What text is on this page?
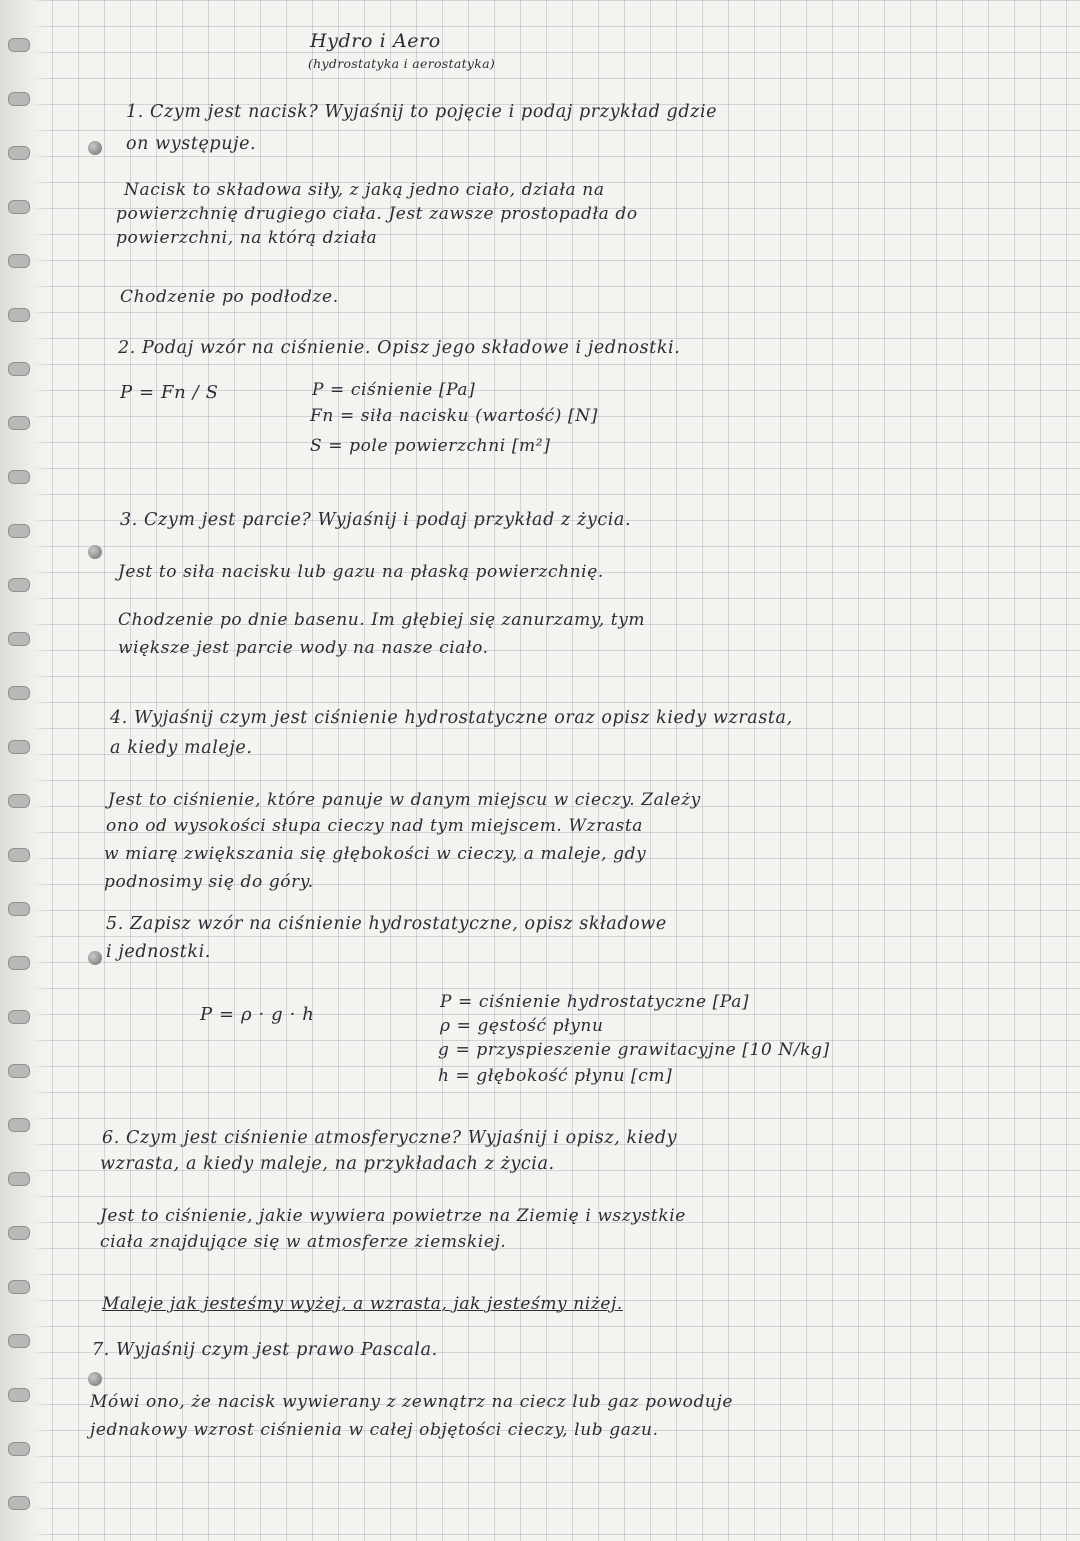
Hydro i Aero

(hydrostatyka i aerostatyka)

1. Czym jest nacisk? Wyjaśnij to pojęcie i podaj przykład gdzie

on występuje.

Nacisk to składowa siły, z jaką jedno ciało, działa na

powierzchnię drugiego ciała. Jest zawsze prostopadła do

powierzchni, na którą działa

Chodzenie po podłodze.

2. Podaj wzór na ciśnienie. Opisz jego składowe i jednostki.

P = Fn / S	P = ciśnienie [Pa]

Fn = siła nacisku (wartość) [N]

S = pole powierzchni [m²]

3. Czym jest parcie? Wyjaśnij i podaj przykład z życia.

Jest to siła nacisku lub gazu na płaską powierzchnię.

Chodzenie po dnie basenu. Im głębiej się zanurzamy, tym

większe jest parcie wody na nasze ciało.

4. Wyjaśnij czym jest ciśnienie hydrostatyczne oraz opisz kiedy wzrasta,

a kiedy maleje.

Jest to ciśnienie, które panuje w danym miejscu w cieczy. Zależy

ono od wysokości słupa cieczy nad tym miejscem. Wzrasta

w miarę zwiększania się głębokości w cieczy, a maleje, gdy

podnosimy się do góry.

5. Zapisz wzór na ciśnienie hydrostatyczne, opisz składowe

i jednostki.

P = ρ · g · h

P = ciśnienie hydrostatyczne [Pa]

ρ = gęstość płynu

g = przyspieszenie grawitacyjne [10 N/kg]

h = głębokość płynu [cm]

6. Czym jest ciśnienie atmosferyczne? Wyjaśnij i opisz, kiedy

wzrasta, a kiedy maleje, na przykładach z życia.

Jest to ciśnienie, jakie wywiera powietrze na Ziemię i wszystkie

ciała znajdujące się w atmosferze ziemskiej.

Maleje jak jesteśmy wyżej, a wzrasta, jak jesteśmy niżej.

7. Wyjaśnij czym jest prawo Pascala.

Mówi ono, że nacisk wywierany z zewnątrz na ciecz lub gaz powoduje

jednakowy wzrost ciśnienia w całej objętości cieczy, lub gazu.
